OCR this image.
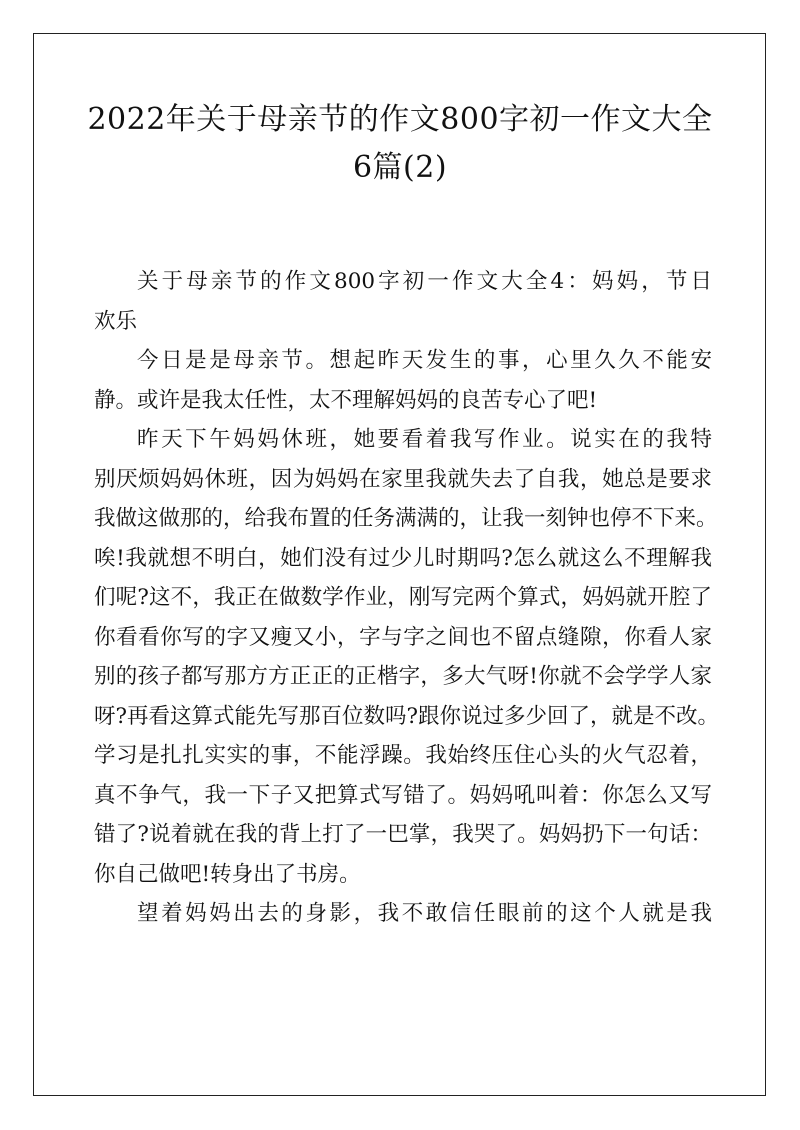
2022年关于母亲节的作文800字初一作文大全
6篇(2)
关于母亲节的作文800字初一作文大全4：妈妈，节日
欢乐
今日是是母亲节。想起昨天发生的事，心里久久不能安
静。或许是我太任性，太不理解妈妈的良苦专心了吧!
昨天下午妈妈休班，她要看着我写作业。说实在的我特
别厌烦妈妈休班，因为妈妈在家里我就失去了自我，她总是要求
我做这做那的，给我布置的任务满满的，让我一刻钟也停不下来。
唉!我就想不明白，她们没有过少儿时期吗?怎么就这么不理解我
们呢?这不，我正在做数学作业，刚写完两个算式，妈妈就开腔了
你看看你写的字又瘦又小，字与字之间也不留点缝隙，你看人家
别的孩子都写那方方正正的正楷字，多大气呀!你就不会学学人家
呀?再看这算式能先写那百位数吗?跟你说过多少回了，就是不改。
学习是扎扎实实的事，不能浮躁。我始终压住心头的火气忍着，
真不争气，我一下子又把算式写错了。妈妈吼叫着：你怎么又写
错了?说着就在我的背上打了一巴掌，我哭了。妈妈扔下一句话：
你自己做吧!转身出了书房。
望着妈妈出去的身影，我不敢信任眼前的这个人就是我
